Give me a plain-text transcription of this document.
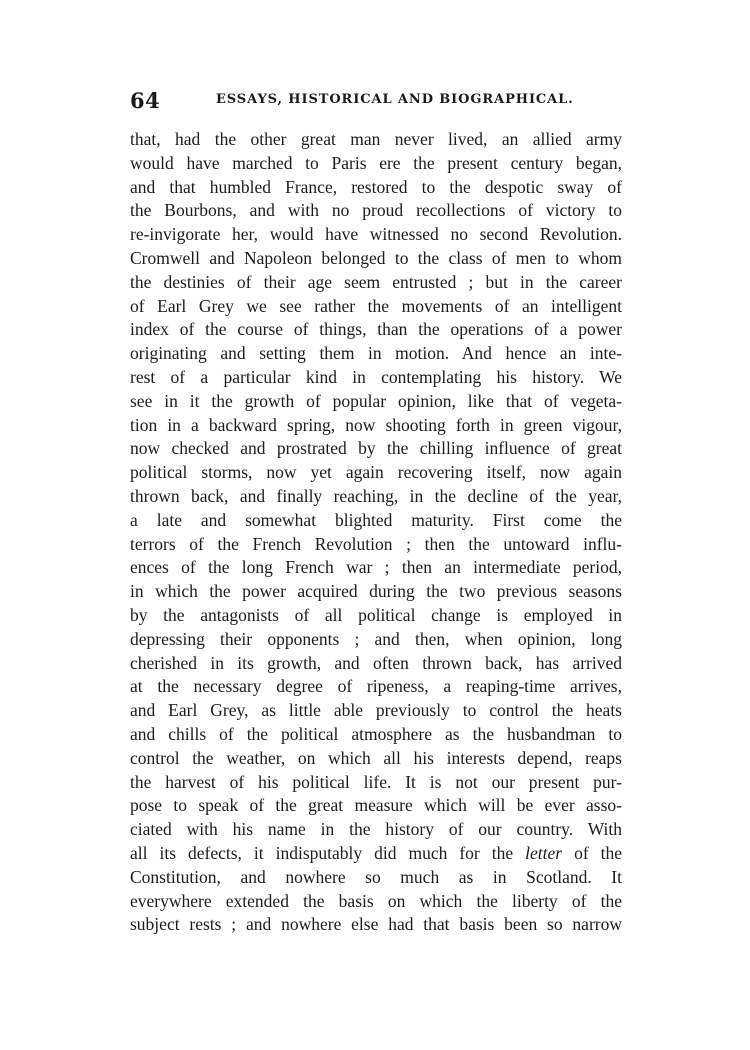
64	ESSAYS, HISTORICAL AND BIOGRAPHICAL.
that, had the other great man never lived, an allied army
would have marched to Paris ere the present century began,
and that humbled France, restored to the despotic sway of
the Bourbons, and with no proud recollections of victory to
re-invigorate her, would have witnessed no second Revolution.
Cromwell and Napoleon belonged to the class of men to whom
the destinies of their age seem entrusted ; but in the career
of Earl Grey we see rather the movements of an intelligent
index of the course of things, than the operations of a power
originating and setting them in motion. And hence an inte-
rest of a particular kind in contemplating his history. We
see in it the growth of popular opinion, like that of vegeta-
tion in a backward spring, now shooting forth in green vigour,
now checked and prostrated by the chilling influence of great
political storms, now yet again recovering itself, now again
thrown back, and finally reaching, in the decline of the year,
a late and somewhat blighted maturity. First come the
terrors of the French Revolution ; then the untoward influ-
ences of the long French war ; then an intermediate period,
in which the power acquired during the two previous seasons
by the antagonists of all political change is employed in
depressing their opponents ; and then, when opinion, long
cherished in its growth, and often thrown back, has arrived
at the necessary degree of ripeness, a reaping-time arrives,
and Earl Grey, as little able previously to control the heats
and chills of the political atmosphere as the husbandman to
control the weather, on which all his interests depend, reaps
the harvest of his political life. It is not our present pur-
pose to speak of the great measure which will be ever asso-
ciated with his name in the history of our country. With
all its defects, it indisputably did much for the letter of the
Constitution, and nowhere so much as in Scotland. It
everywhere extended the basis on which the liberty of the
subject rests ; and nowhere else had that basis been so narrow
